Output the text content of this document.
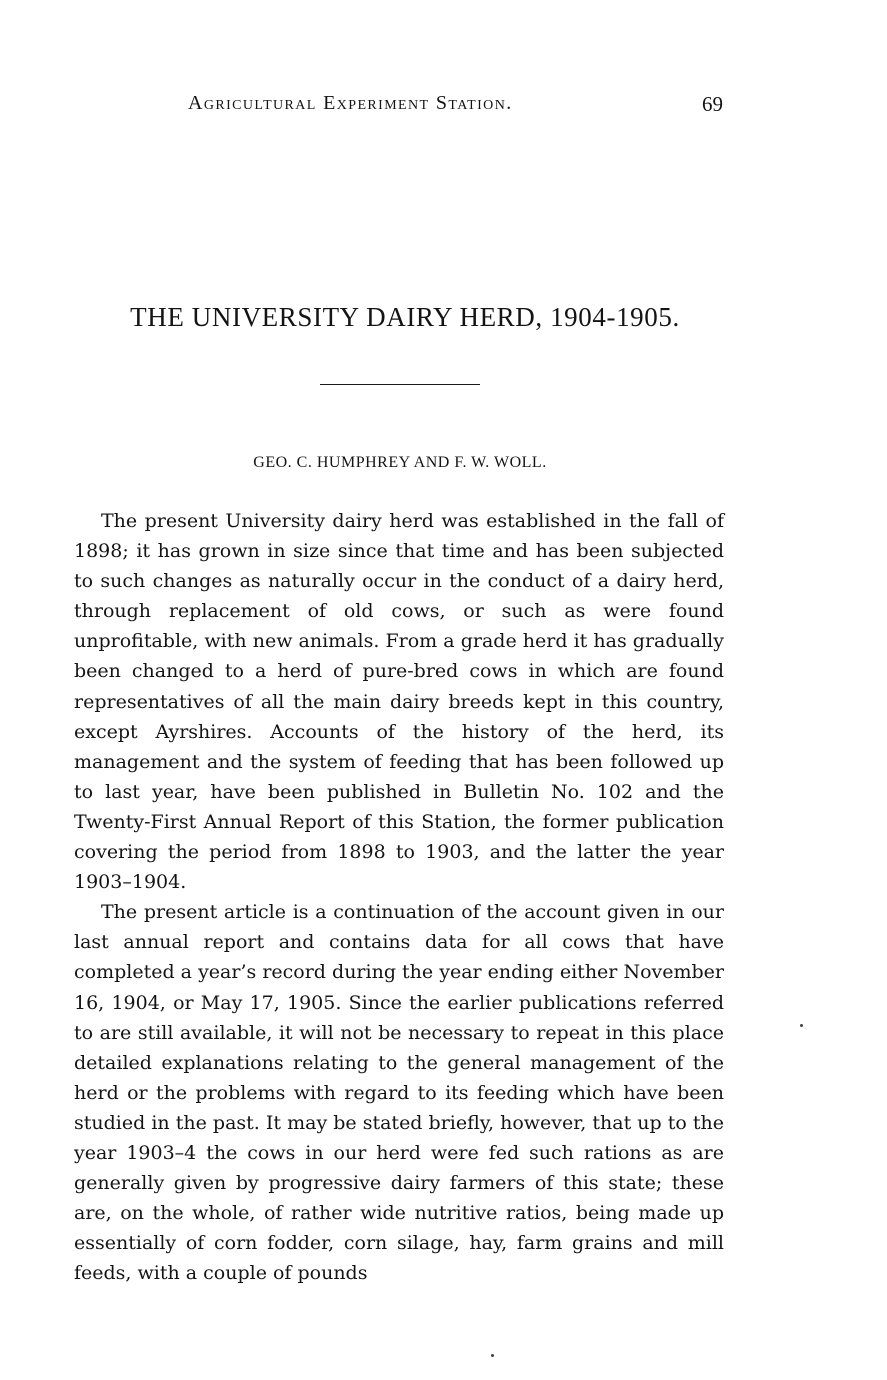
Agricultural Experiment Station.	69
THE UNIVERSITY DAIRY HERD, 1904-1905.
GEO. C. HUMPHREY AND F. W. WOLL.

The present University dairy herd was established in the fall of 1898; it has grown in size since that time and has been subjected to such changes as naturally occur in the conduct of a dairy herd, through replacement of old cows, or such as were found unprofitable, with new animals. From a grade herd it has gradually been changed to a herd of pure-bred cows in which are found representatives of all the main dairy breeds kept in this country, except Ayrshires. Accounts of the history of the herd, its management and the system of feeding that has been followed up to last year, have been published in Bulletin No. 102 and the Twenty-First Annual Report of this Station, the former publication covering the period from 1898 to 1903, and the latter the year 1903–1904.

The present article is a continuation of the account given in our last annual report and contains data for all cows that have completed a year’s record during the year ending either November 16, 1904, or May 17, 1905. Since the earlier publications referred to are still available, it will not be necessary to repeat in this place detailed explanations relating to the general management of the herd or the problems with regard to its feeding which have been studied in the past. It may be stated briefly, however, that up to the year 1903–4 the cows in our herd were fed such rations as are generally given by progressive dairy farmers of this state; these are, on the whole, of rather wide nutritive ratios, being made up essentially of corn fodder, corn silage, hay, farm grains and mill feeds, with a couple of pounds
